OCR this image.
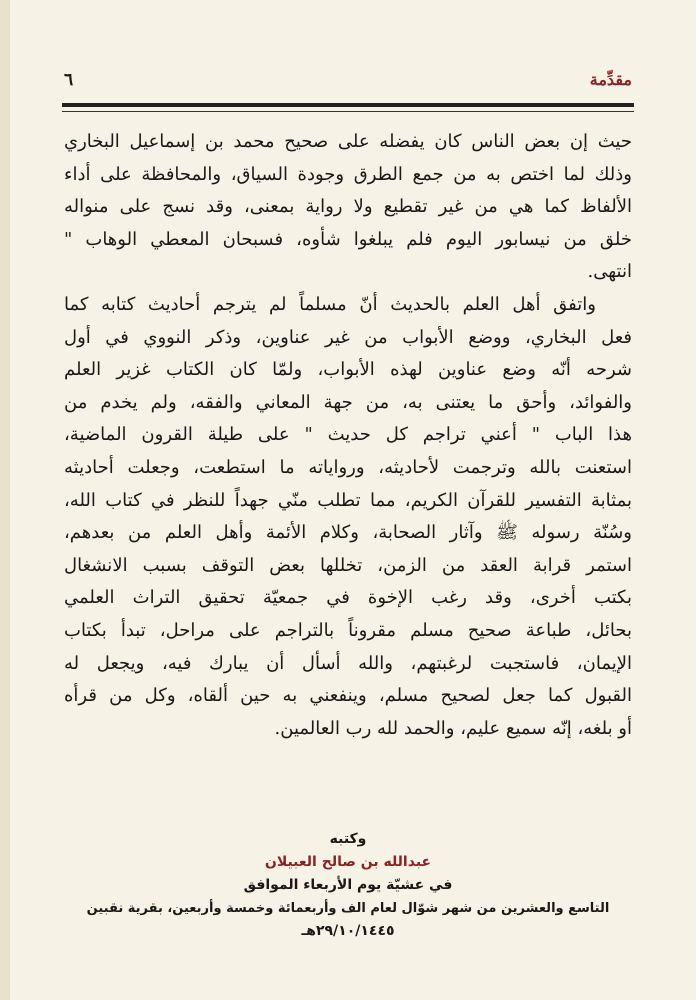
٦	مقدِّمة
حيث إن بعض الناس كان يفضله على صحيح محمد بن إسماعيل البخاري
وذلك لما اختص به من جمع الطرق وجودة السياق، والمحافظة على أداء
الألفاظ كما هي من غير تقطيع ولا رواية بمعنى، وقد نسج على منواله
خلق من نيسابور اليوم فلم يبلغوا شأوه، فسبحان المعطي الوهاب "
انتهى.
واتفق أهل العلم بالحديث أنّ مسلماً لم يترجم أحاديث كتابه كما
فعل البخاري، ووضع الأبواب من غير عناوين، وذكر النووي في أول
شرحه أنّه وضع عناوين لهذه الأبواب، ولمّا كان الكتاب غزير العلم
والفوائد، وأحق ما يعتنى به، من جهة المعاني والفقه، ولم يخدم من
هذا الباب " أعني تراجم كل حديث " على طيلة القرون الماضية،
استعنت بالله وترجمت لأحاديثه، ورواياته ما استطعت، وجعلت أحاديثه
بمثابة التفسير للقرآن الكريم، مما تطلب منّي جهداً للنظر في كتاب الله،
وسُنّة رسوله ﷺ وآثار الصحابة، وكلام الأئمة وأهل العلم من بعدهم،
استمر قرابة العقد من الزمن، تخللها بعض التوقف بسبب الانشغال
بكتب أخرى، وقد رغب الإخوة في جمعيّة تحقيق التراث العلمي
بحائل، طباعة صحيح مسلم مقروناً بالتراجم على مراحل، تبدأ بكتاب
الإيمان، فاستجبت لرغبتهم، والله أسأل أن يبارك فيه، ويجعل له
القبول كما جعل لصحيح مسلم، وينفعني به حين ألقاه، وكل من قرأه
أو بلغه، إنّه سميع عليم، والحمد لله رب العالمين.
وكتبه
عبدالله بن صالح العبيلان
في عشيّة يوم الأربعاء الموافق
التاسع والعشرين من شهر شوّال لعام الف وأربعمائة وخمسة وأربعين، بقرية نقبين
٢٩/١٠/١٤٤٥هـ
